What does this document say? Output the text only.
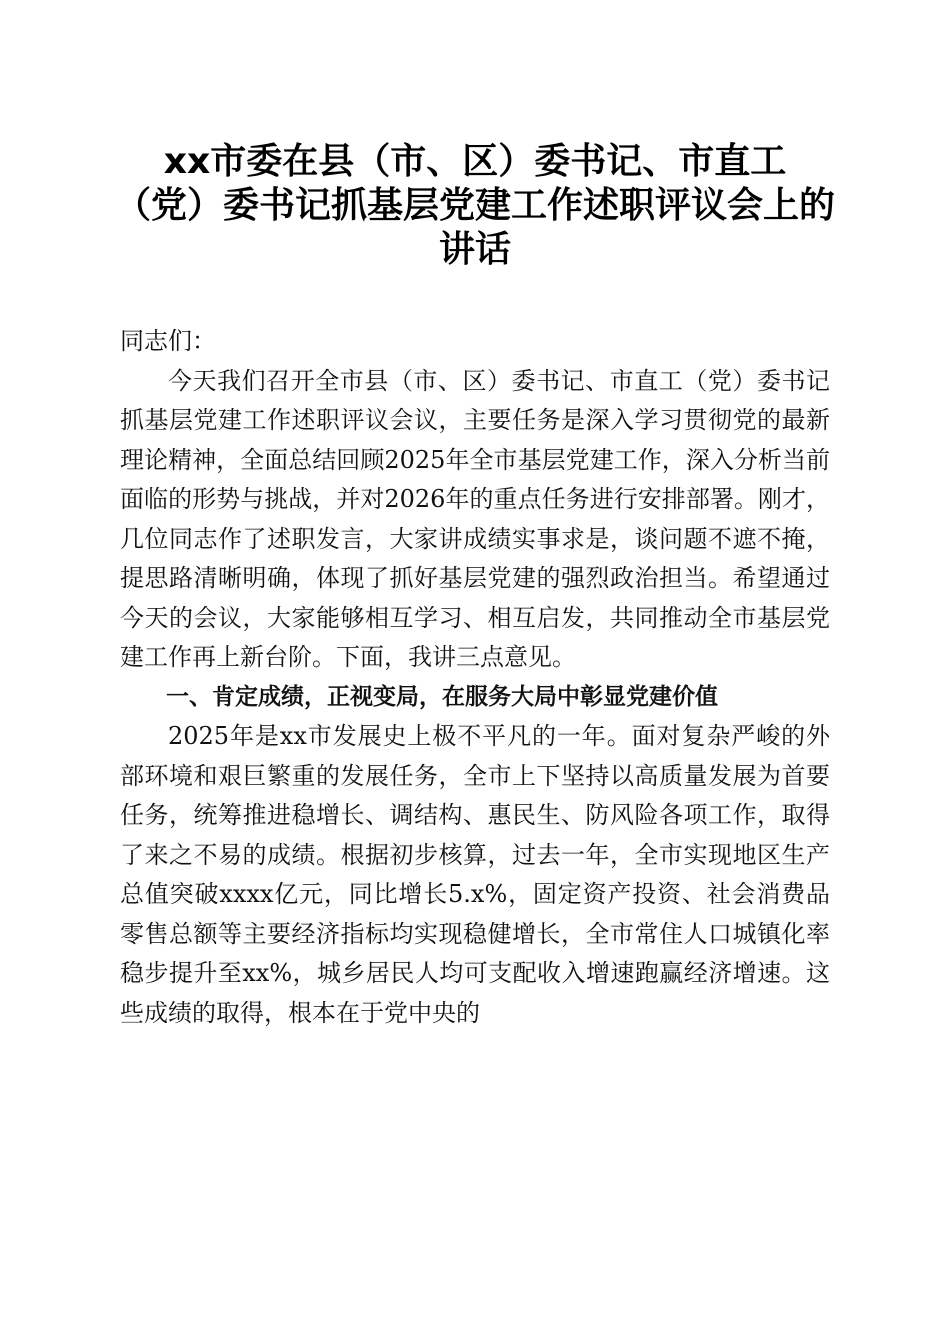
xx市委在县（市、区）委书记、市直工
（党）委书记抓基层党建工作述职评议会上的
讲话

同志们：

今天我们召开全市县（市、区）委书记、市直工（党）委书记抓基层党建工作述职评议会议，主要任务是深入学习贯彻党的最新理论精神，全面总结回顾2025年全市基层党建工作，深入分析当前面临的形势与挑战，并对2026年的重点任务进行安排部署。刚才，几位同志作了述职发言，大家讲成绩实事求是，谈问题不遮不掩，提思路清晰明确，体现了抓好基层党建的强烈政治担当。希望通过今天的会议，大家能够相互学习、相互启发，共同推动全市基层党建工作再上新台阶。下面，我讲三点意见。

一、肯定成绩，正视变局，在服务大局中彰显党建价值

2025年是xx市发展史上极不平凡的一年。面对复杂严峻的外部环境和艰巨繁重的发展任务，全市上下坚持以高质量发展为首要任务，统筹推进稳增长、调结构、惠民生、防风险各项工作，取得了来之不易的成绩。根据初步核算，过去一年，全市实现地区生产总值突破xxxx亿元，同比增长5.x%，固定资产投资、社会消费品零售总额等主要经济指标均实现稳健增长，全市常住人口城镇化率稳步提升至xx%，城乡居民人均可支配收入增速跑赢经济增速。这些成绩的取得，根本在于党中央的
